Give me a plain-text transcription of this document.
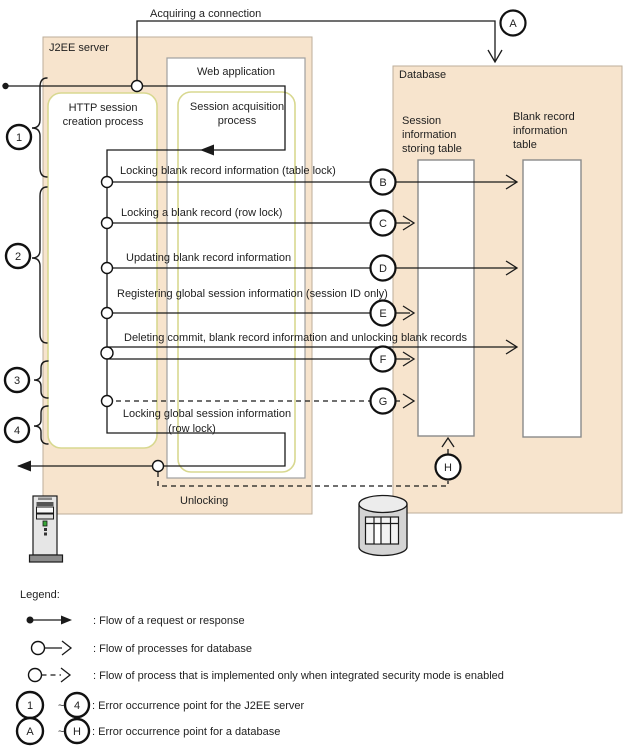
Acquiring a connection
J2EE server
Web application
HTTP session
creation process
Session acquisition
process
Database
Session
information
storing table
Blank record
information
table
A
Locking blank record information (table lock)
Locking a blank record (row lock)
Updating blank record information
Registering global session information (session ID only)
Deleting commit, blank record information and unlocking blank records
Locking global session information
(row lock)
Unlocking
B
C
D
E
F
G
H
1
2
3
4
Legend:
: Flow of a request or response
: Flow of processes for database
: Flow of process that is implemented only when integrated security mode is enabled
1 ~ 4 : Error occurrence point for the J2EE server
A ~ H : Error occurrence point for a database
